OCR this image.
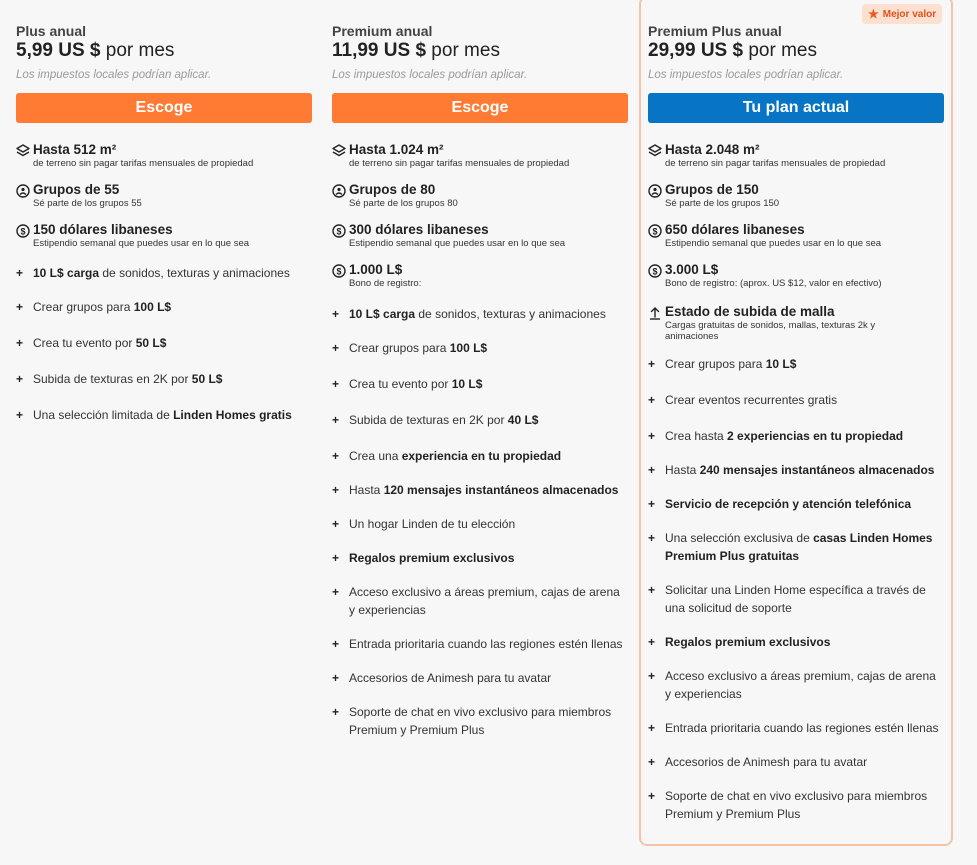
★ Mejor valor
Plus anual
5,99 US $ por mes
Los impuestos locales podrían aplicar.
Escoge
Hasta 512 m²
de terreno sin pagar tarifas mensuales de propiedad
Grupos de 55
Sé parte de los grupos 55
$ 150 dólares libaneses
Estipendio semanal que puedes usar en lo que sea
+ 10 L$ carga de sonidos, texturas y animaciones
+ Crear grupos para 100 L$
+ Crea tu evento por 50 L$
+ Subida de texturas en 2K por 50 L$
+ Una selección limitada de Linden Homes gratis
Premium anual
11,99 US $ por mes
Los impuestos locales podrían aplicar.
Escoge
Hasta 1.024 m²
de terreno sin pagar tarifas mensuales de propiedad
Grupos de 80
Sé parte de los grupos 80
$ 300 dólares libaneses
Estipendio semanal que puedes usar en lo que sea
$ 1.000 L$
Bono de registro:
+ 10 L$ carga de sonidos, texturas y animaciones
+ Crear grupos para 100 L$
+ Crea tu evento por 10 L$
+ Subida de texturas en 2K por 40 L$
+ Crea una experiencia en tu propiedad
+ Hasta 120 mensajes instantáneos almacenados
+ Un hogar Linden de tu elección
+ Regalos premium exclusivos
+ Acceso exclusivo a áreas premium, cajas de arena y experiencias
+ Entrada prioritaria cuando las regiones estén llenas
+ Accesorios de Animesh para tu avatar
+ Soporte de chat en vivo exclusivo para miembros Premium y Premium Plus
Premium Plus anual
29,99 US $ por mes
Los impuestos locales podrían aplicar.
Tu plan actual
Hasta 2.048 m²
de terreno sin pagar tarifas mensuales de propiedad
Grupos de 150
Sé parte de los grupos 150
$ 650 dólares libaneses
Estipendio semanal que puedes usar en lo que sea
$ 3.000 L$
Bono de registro: (aprox. US $12, valor en efectivo)
Estado de subida de malla
Cargas gratuitas de sonidos, mallas, texturas 2k y animaciones
+ Crear grupos para 10 L$
+ Crear eventos recurrentes gratis
+ Crea hasta 2 experiencias en tu propiedad
+ Hasta 240 mensajes instantáneos almacenados
+ Servicio de recepción y atención telefónica
+ Una selección exclusiva de casas Linden Homes Premium Plus gratuitas
+ Solicitar una Linden Home específica a través de una solicitud de soporte
+ Regalos premium exclusivos
+ Acceso exclusivo a áreas premium, cajas de arena y experiencias
+ Entrada prioritaria cuando las regiones estén llenas
+ Accesorios de Animesh para tu avatar
+ Soporte de chat en vivo exclusivo para miembros Premium y Premium Plus
